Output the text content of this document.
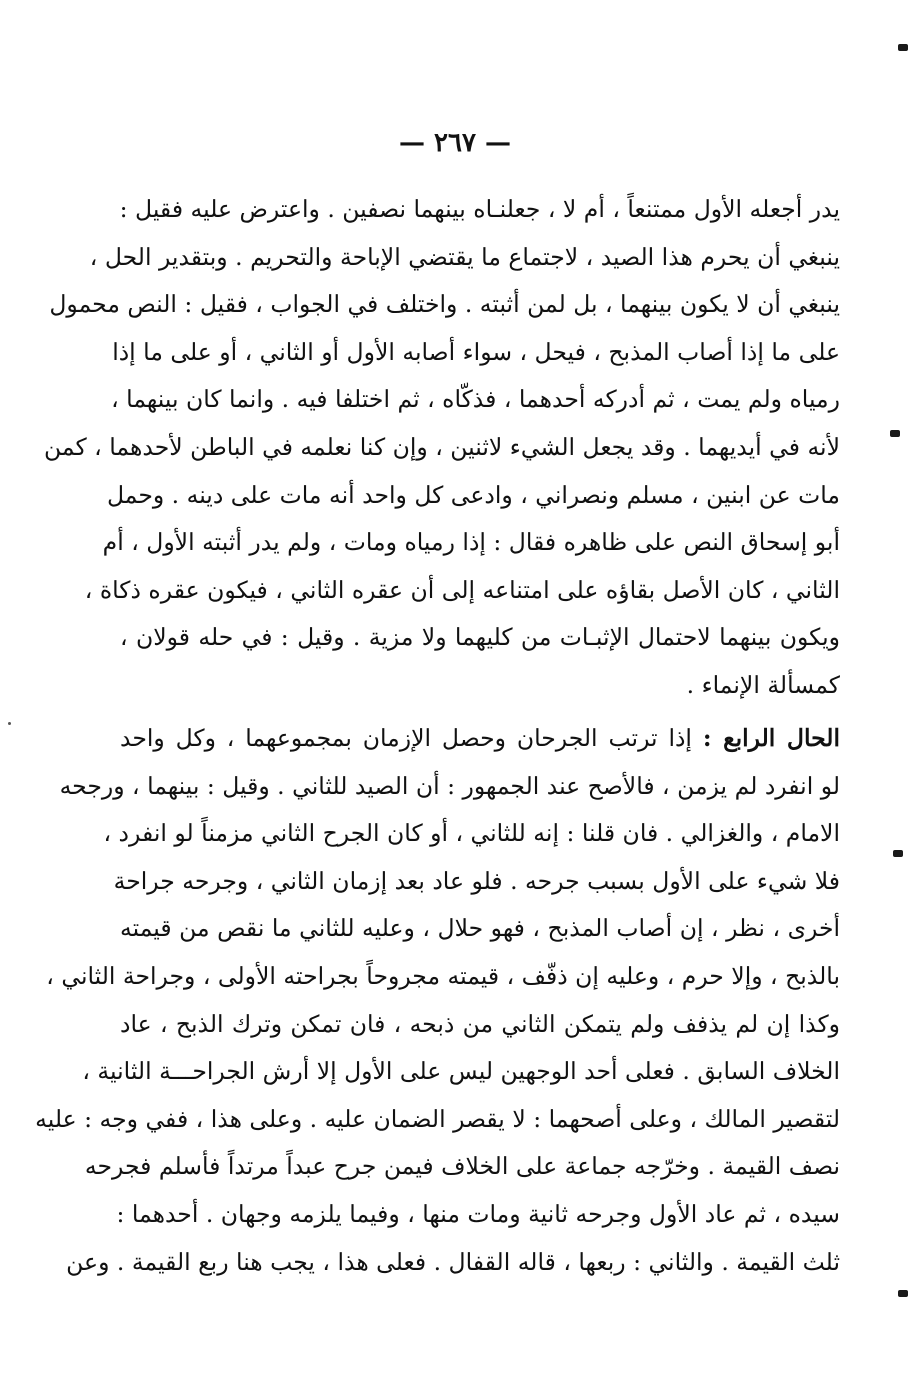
— ٢٦٧ —
يدر أجعله الأول ممتنعاً ، أم لا ، جعلنـاه بينهما نصفين . واعترض عليه فقيل :
ينبغي أن يحرم هذا الصيد ، لاجتماع ما يقتضي الإباحة والتحريم . وبتقدير الحل ،
ينبغي أن لا يكون بينهما ، بل لمن أثبته . واختلف في الجواب ، فقيل : النص محمول
على ما إذا أصاب المذبح ، فيحل ، سواء أصابه الأول أو الثاني ، أو على ما إذا
رمياه ولم يمت ، ثم أدركه أحدهما ، فذكّاه ، ثم اختلفا فيه . وانما كان بينهما ،
لأنه في أيديهما . وقد يجعل الشيء لاثنين ، وإن كنا نعلمه في الباطن لأحدهما ، كمن
مات عن ابنين ، مسلم ونصراني ، وادعى كل واحد أنه مات على دينه . وحمل
أبو إسحاق النص على ظاهره فقال : إذا رمياه ومات ، ولم يدر أثبته الأول ، أم
الثاني ، كان الأصل بقاؤه على امتناعه إلى أن عقره الثاني ، فيكون عقره ذكاة ،
ويكون بينهما لاحتمال الإثبـات من كليهما ولا مزية . وقيل : في حله قولان ،
كمسألة الإنماء .
الحال الرابع : إذا ترتب الجرحان وحصل الإزمان بمجموعهما ، وكل واحد
لو انفرد لم يزمن ، فالأصح عند الجمهور : أن الصيد للثاني . وقيل : بينهما ، ورجحه
الامام ، والغزالي . فان قلنا : إنه للثاني ، أو كان الجرح الثاني مزمناً لو انفرد ،
فلا شيء على الأول بسبب جرحه . فلو عاد بعد إزمان الثاني ، وجرحه جراحة
أخرى ، نظر ، إن أصاب المذبح ، فهو حلال ، وعليه للثاني ما نقص من قيمته
بالذبح ، وإلا حرم ، وعليه إن ذفّف ، قيمته مجروحاً بجراحته الأولى ، وجراحة الثاني ،
وكذا إن لم يذفف ولم يتمكن الثاني من ذبحه ، فان تمكن وترك الذبح ، عاد
الخلاف السابق . فعلى أحد الوجهين ليس على الأول إلا أرش الجراحـــة الثانية ،
لتقصير المالك ، وعلى أصحهما : لا يقصر الضمان عليه . وعلى هذا ، ففي وجه : عليه
نصف القيمة . وخرّجه جماعة على الخلاف فيمن جرح عبداً مرتداً فأسلم فجرحه
سيده ، ثم عاد الأول وجرحه ثانية ومات منها ، وفيما يلزمه وجهان . أحدهما :
ثلث القيمة . والثاني : ربعها ، قاله القفال . فعلى هذا ، يجب هنا ربع القيمة . وعن
